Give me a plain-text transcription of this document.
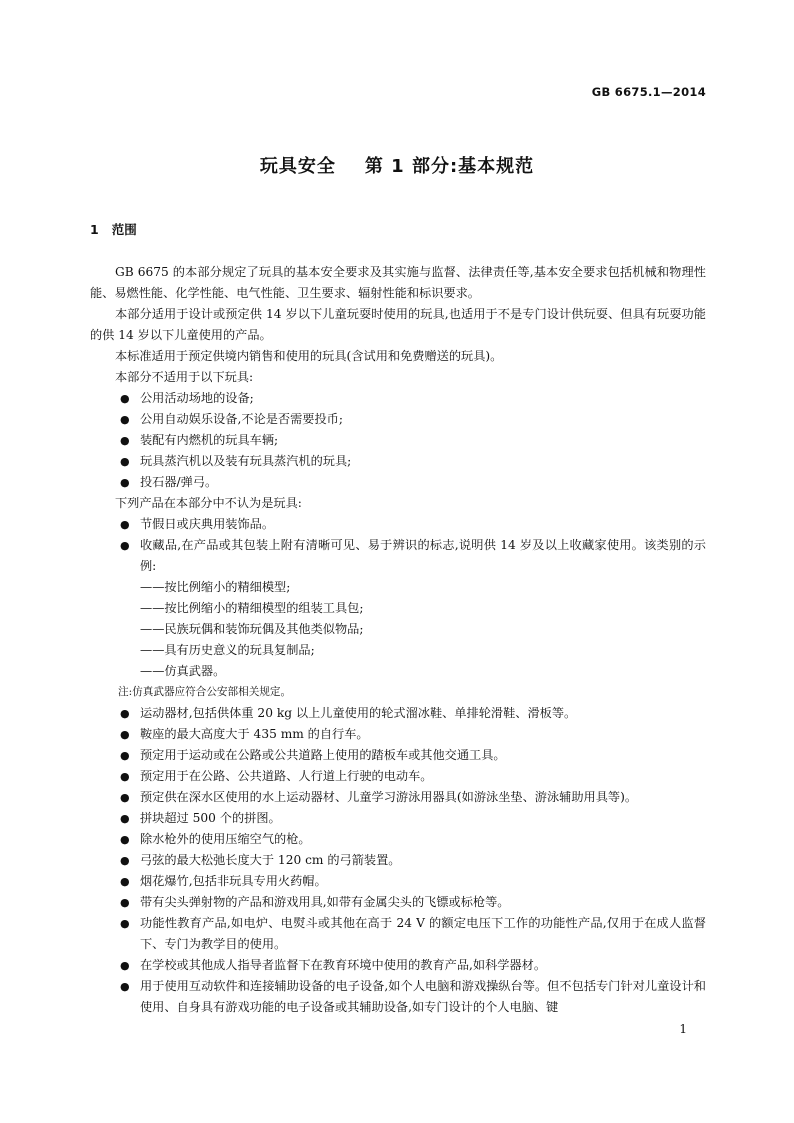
GB 6675.1—2014
玩具安全    第 1 部分:基本规范
1 范围

GB 6675 的本部分规定了玩具的基本安全要求及其实施与监督、法律责任等,基本安全要求包括机械和物理性能、易燃性能、化学性能、电气性能、卫生要求、辐射性能和标识要求。

本部分适用于设计或预定供 14 岁以下儿童玩耍时使用的玩具,也适用于不是专门设计供玩耍、但具有玩耍功能的供 14 岁以下儿童使用的产品。

本标准适用于预定供境内销售和使用的玩具(含试用和免费赠送的玩具)。

本部分不适用于以下玩具:

● 公用活动场地的设备;
● 公用自动娱乐设备,不论是否需要投币;
● 装配有内燃机的玩具车辆;
● 玩具蒸汽机以及装有玩具蒸汽机的玩具;
● 投石器/弹弓。

下列产品在本部分中不认为是玩具:

● 节假日或庆典用装饰品。
● 收藏品,在产品或其包装上附有清晰可见、易于辨识的标志,说明供 14 岁及以上收藏家使用。该类别的示例:

——按比例缩小的精细模型;

——按比例缩小的精细模型的组装工具包;

——民族玩偶和装饰玩偶及其他类似物品;

——具有历史意义的玩具复制品;

——仿真武器。

注:仿真武器应符合公安部相关规定。

● 运动器材,包括供体重 20 kg 以上儿童使用的轮式溜冰鞋、单排轮滑鞋、滑板等。
● 鞍座的最大高度大于 435 mm 的自行车。
● 预定用于运动或在公路或公共道路上使用的踏板车或其他交通工具。
● 预定用于在公路、公共道路、人行道上行驶的电动车。
● 预定供在深水区使用的水上运动器材、儿童学习游泳用器具(如游泳坐垫、游泳辅助用具等)。
● 拼块超过 500 个的拼图。
● 除水枪外的使用压缩空气的枪。
● 弓弦的最大松弛长度大于 120 cm 的弓箭装置。
● 烟花爆竹,包括非玩具专用火药帽。
● 带有尖头弹射物的产品和游戏用具,如带有金属尖头的飞镖或标枪等。
● 功能性教育产品,如电炉、电熨斗或其他在高于 24 V 的额定电压下工作的功能性产品,仅用于在成人监督下、专门为教学目的使用。
● 在学校或其他成人指导者监督下在教育环境中使用的教育产品,如科学器材。
● 用于使用互动软件和连接辅助设备的电子设备,如个人电脑和游戏操纵台等。但不包括专门针对儿童设计和使用、自身具有游戏功能的电子设备或其辅助设备,如专门设计的个人电脑、键
1
